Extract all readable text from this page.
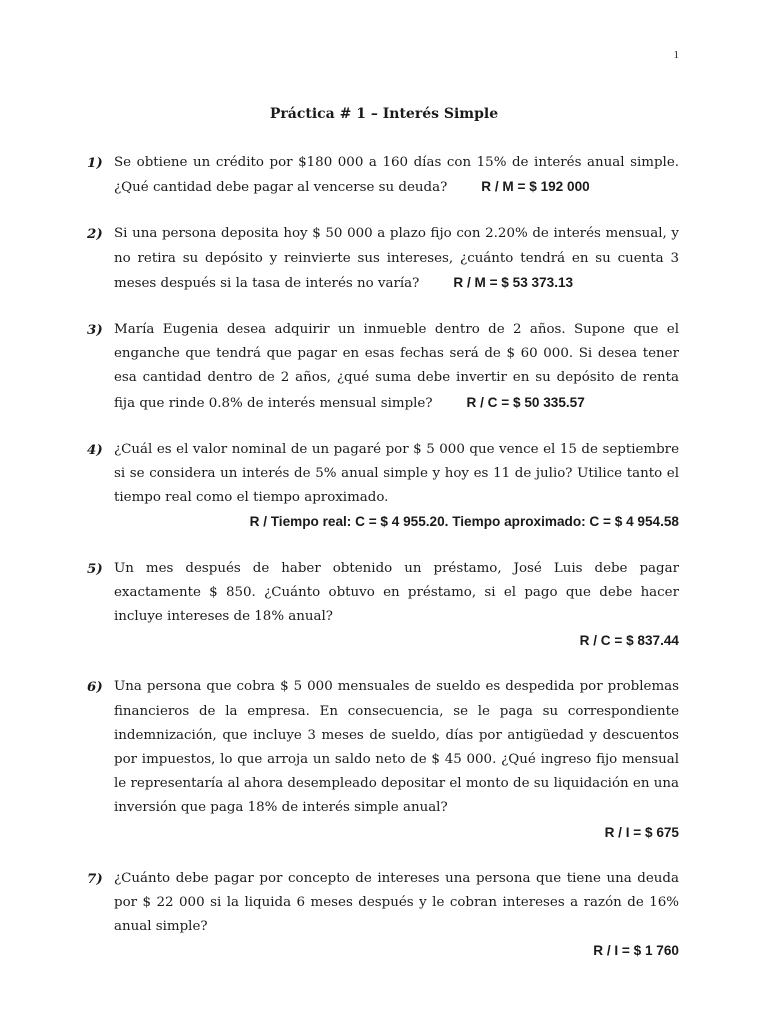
1
Práctica # 1 – Interés Simple
1) Se obtiene un crédito por $180 000 a 160 días con 15% de interés anual simple. ¿Qué cantidad debe pagar al vencerse su deuda?	R / M = $ 192 000
2) Si una persona deposita hoy $ 50 000 a plazo fijo con 2.20% de interés mensual, y no retira su depósito y reinvierte sus intereses, ¿cuánto tendrá en su cuenta 3 meses después si la tasa de interés no varía?	R / M = $ 53 373.13
3) María Eugenia desea adquirir un inmueble dentro de 2 años. Supone que el enganche que tendrá que pagar en esas fechas será de $ 60 000. Si desea tener esa cantidad dentro de 2 años, ¿qué suma debe invertir en su depósito de renta fija que rinde 0.8% de interés mensual simple?	R / C = $ 50 335.57
4) ¿Cuál es el valor nominal de un pagaré por $ 5 000 que vence el 15 de septiembre si se considera un interés de 5% anual simple y hoy es 11 de julio? Utilice tanto el tiempo real como el tiempo aproximado.
R / Tiempo real: C = $ 4 955.20. Tiempo aproximado: C = $ 4 954.58
5) Un mes después de haber obtenido un préstamo, José Luis debe pagar exactamente $ 850. ¿Cuánto obtuvo en préstamo, si el pago que debe hacer incluye intereses de 18% anual?
R / C = $ 837.44
6) Una persona que cobra $ 5 000 mensuales de sueldo es despedida por problemas financieros de la empresa. En consecuencia, se le paga su correspondiente indemnización, que incluye 3 meses de sueldo, días por antigüedad y descuentos por impuestos, lo que arroja un saldo neto de $ 45 000. ¿Qué ingreso fijo mensual le representaría al ahora desempleado depositar el monto de su liquidación en una inversión que paga 18% de interés simple anual?
R / I = $ 675
7) ¿Cuánto debe pagar por concepto de intereses una persona que tiene una deuda por $ 22 000 si la liquida 6 meses después y le cobran intereses a razón de 16% anual simple?
R / I = $ 1 760
